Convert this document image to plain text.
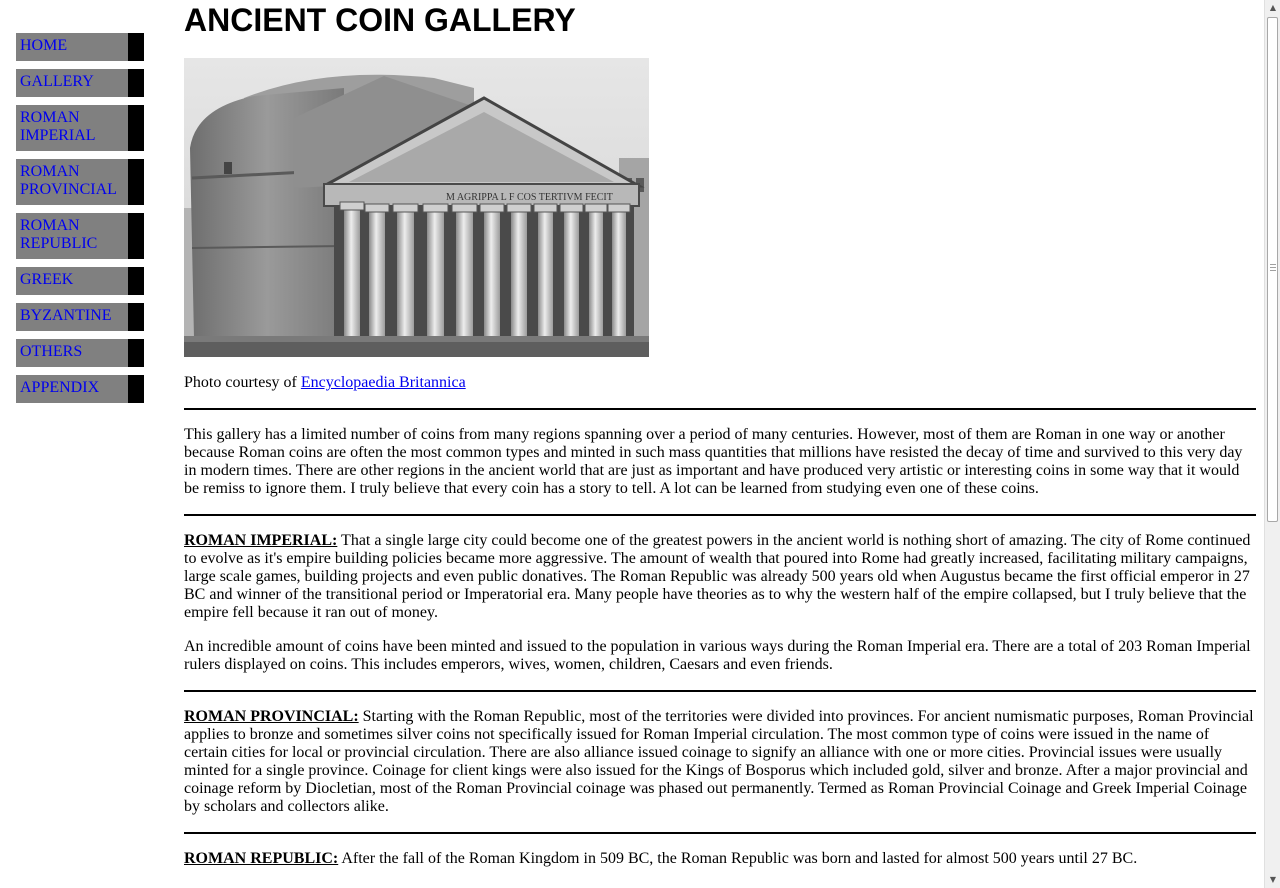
HOME
GALLERY
ROMAN
IMPERIAL
ROMAN
PROVINCIAL
ROMAN
REPUBLIC
GREEK
BYZANTINE
OTHERS
APPENDIX
ANCIENT COIN GALLERY
M AGRIPPA L F COS TERTIVM FECIT

Photo courtesy of Encyclopaedia Britannica

This gallery has a limited number of coins from many regions spanning over a period of many centuries. However, most of them are Roman in one way or another because Roman coins are often the most common types and minted in such mass quantities that millions have resisted the decay of time and survived to this very day in modern times. There are other regions in the ancient world that are just as important and have produced very artistic or interesting coins in some way that it would be remiss to ignore them. I truly believe that every coin has a story to tell. A lot can be learned from studying even one of these coins.

ROMAN IMPERIAL: That a single large city could become one of the greatest powers in the ancient world is nothing short of amazing. The city of Rome continued to evolve as it's empire building policies became more aggressive. The amount of wealth that poured into Rome had greatly increased, facilitating military campaigns, large scale games, building projects and even public donatives. The Roman Republic was already 500 years old when Augustus became the first official emperor in 27 BC and winner of the transitional period or Imperatorial era. Many people have theories as to why the western half of the empire collapsed, but I truly believe that the empire fell because it ran out of money.

An incredible amount of coins have been minted and issued to the population in various ways during the Roman Imperial era. There are a total of 203 Roman Imperial rulers displayed on coins. This includes emperors, wives, women, children, Caesars and even friends.

ROMAN PROVINCIAL: Starting with the Roman Republic, most of the territories were divided into provinces. For ancient numismatic purposes, Roman Provincial applies to bronze and sometimes silver coins not specifically issued for Roman Imperial circulation. The most common type of coins were issued in the name of certain cities for local or provincial circulation. There are also alliance issued coinage to signify an alliance with one or more cities. Provincial issues were usually minted for a single province. Coinage for client kings were also issued for the Kings of Bosporus which included gold, silver and bronze. After a major provincial and coinage reform by Diocletian, most of the Roman Provincial coinage was phased out permanently. Termed as Roman Provincial Coinage and Greek Imperial Coinage by scholars and collectors alike.

ROMAN REPUBLIC: After the fall of the Roman Kingdom in 509 BC, the Roman Republic was born and lasted for almost 500 years until 27 BC.

▲
▼
